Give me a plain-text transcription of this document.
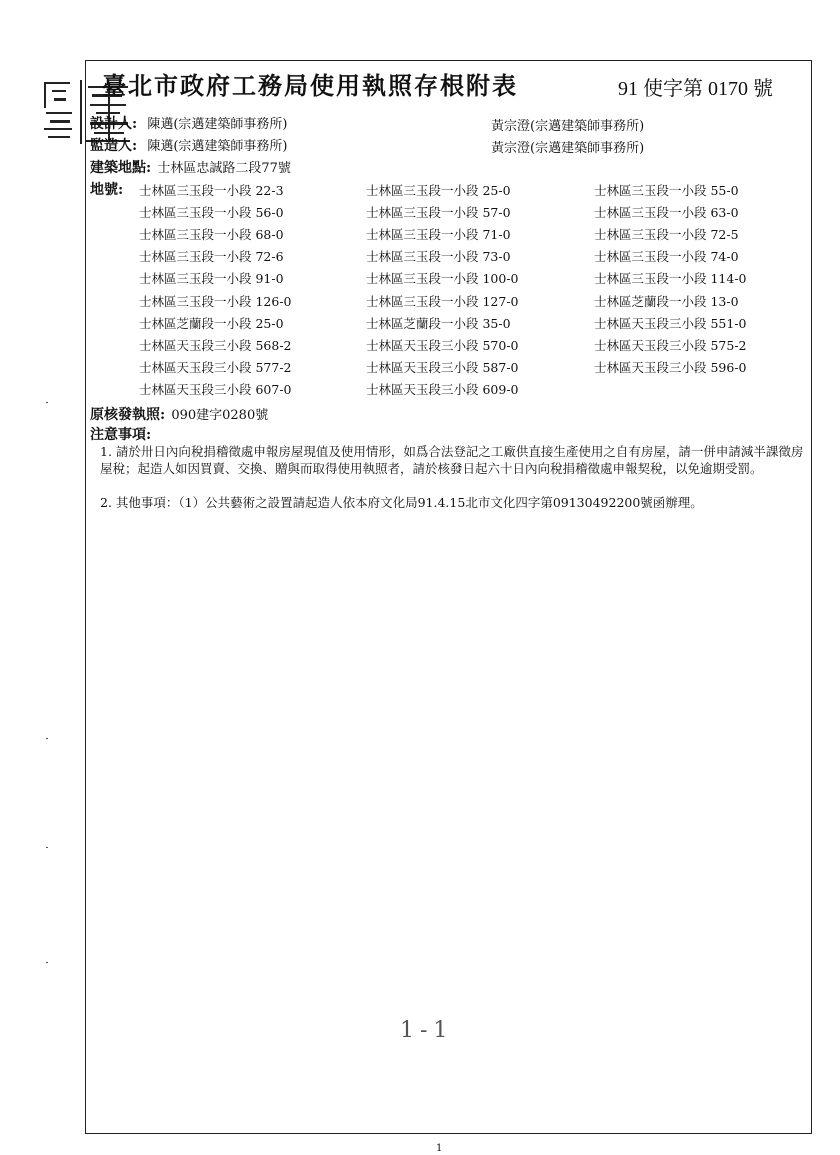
臺北市政府工務局使用執照存根附表	91 使字第 0170 號
設計人: 陳邁(宗邁建築師事務所)	黃宗澄(宗邁建築師事務所)
監造人: 陳邁(宗邁建築師事務所)	黃宗澄(宗邁建築師事務所)
建築地點: 士林區忠誠路二段77號
地號: 士林區三玉段一小段 22-3	士林區三玉段一小段 25-0	士林區三玉段一小段 55-0
士林區三玉段一小段 56-0	士林區三玉段一小段 57-0	士林區三玉段一小段 63-0
士林區三玉段一小段 68-0	士林區三玉段一小段 71-0	士林區三玉段一小段 72-5
士林區三玉段一小段 72-6	士林區三玉段一小段 73-0	士林區三玉段一小段 74-0
士林區三玉段一小段 91-0	士林區三玉段一小段 100-0	士林區三玉段一小段 114-0
士林區三玉段一小段 126-0	士林區三玉段一小段 127-0	士林區芝蘭段一小段 13-0
士林區芝蘭段一小段 25-0	士林區芝蘭段一小段 35-0	士林區天玉段三小段 551-0
士林區天玉段三小段 568-2	士林區天玉段三小段 570-0	士林區天玉段三小段 575-2
士林區天玉段三小段 577-2	士林區天玉段三小段 587-0	士林區天玉段三小段 596-0
士林區天玉段三小段 607-0	士林區天玉段三小段 609-0
原核發執照: 090建字0280號
注意事項:
1. 請於卅日內向稅捐稽徵處申報房屋現值及使用情形，如爲合法登記之工廠供直接生產使用之自有房屋，請一併申請減半課徵房屋稅；起造人如因買賣、交換、贈與而取得使用執照者，請於核發日起六十日內向稅捐稽徵處申報契稅，以免逾期受罰。
2. 其他事項：（1）公共藝術之設置請起造人依本府文化局91.4.15北市文化四字第09130492200號函辦理。
1-1
1
